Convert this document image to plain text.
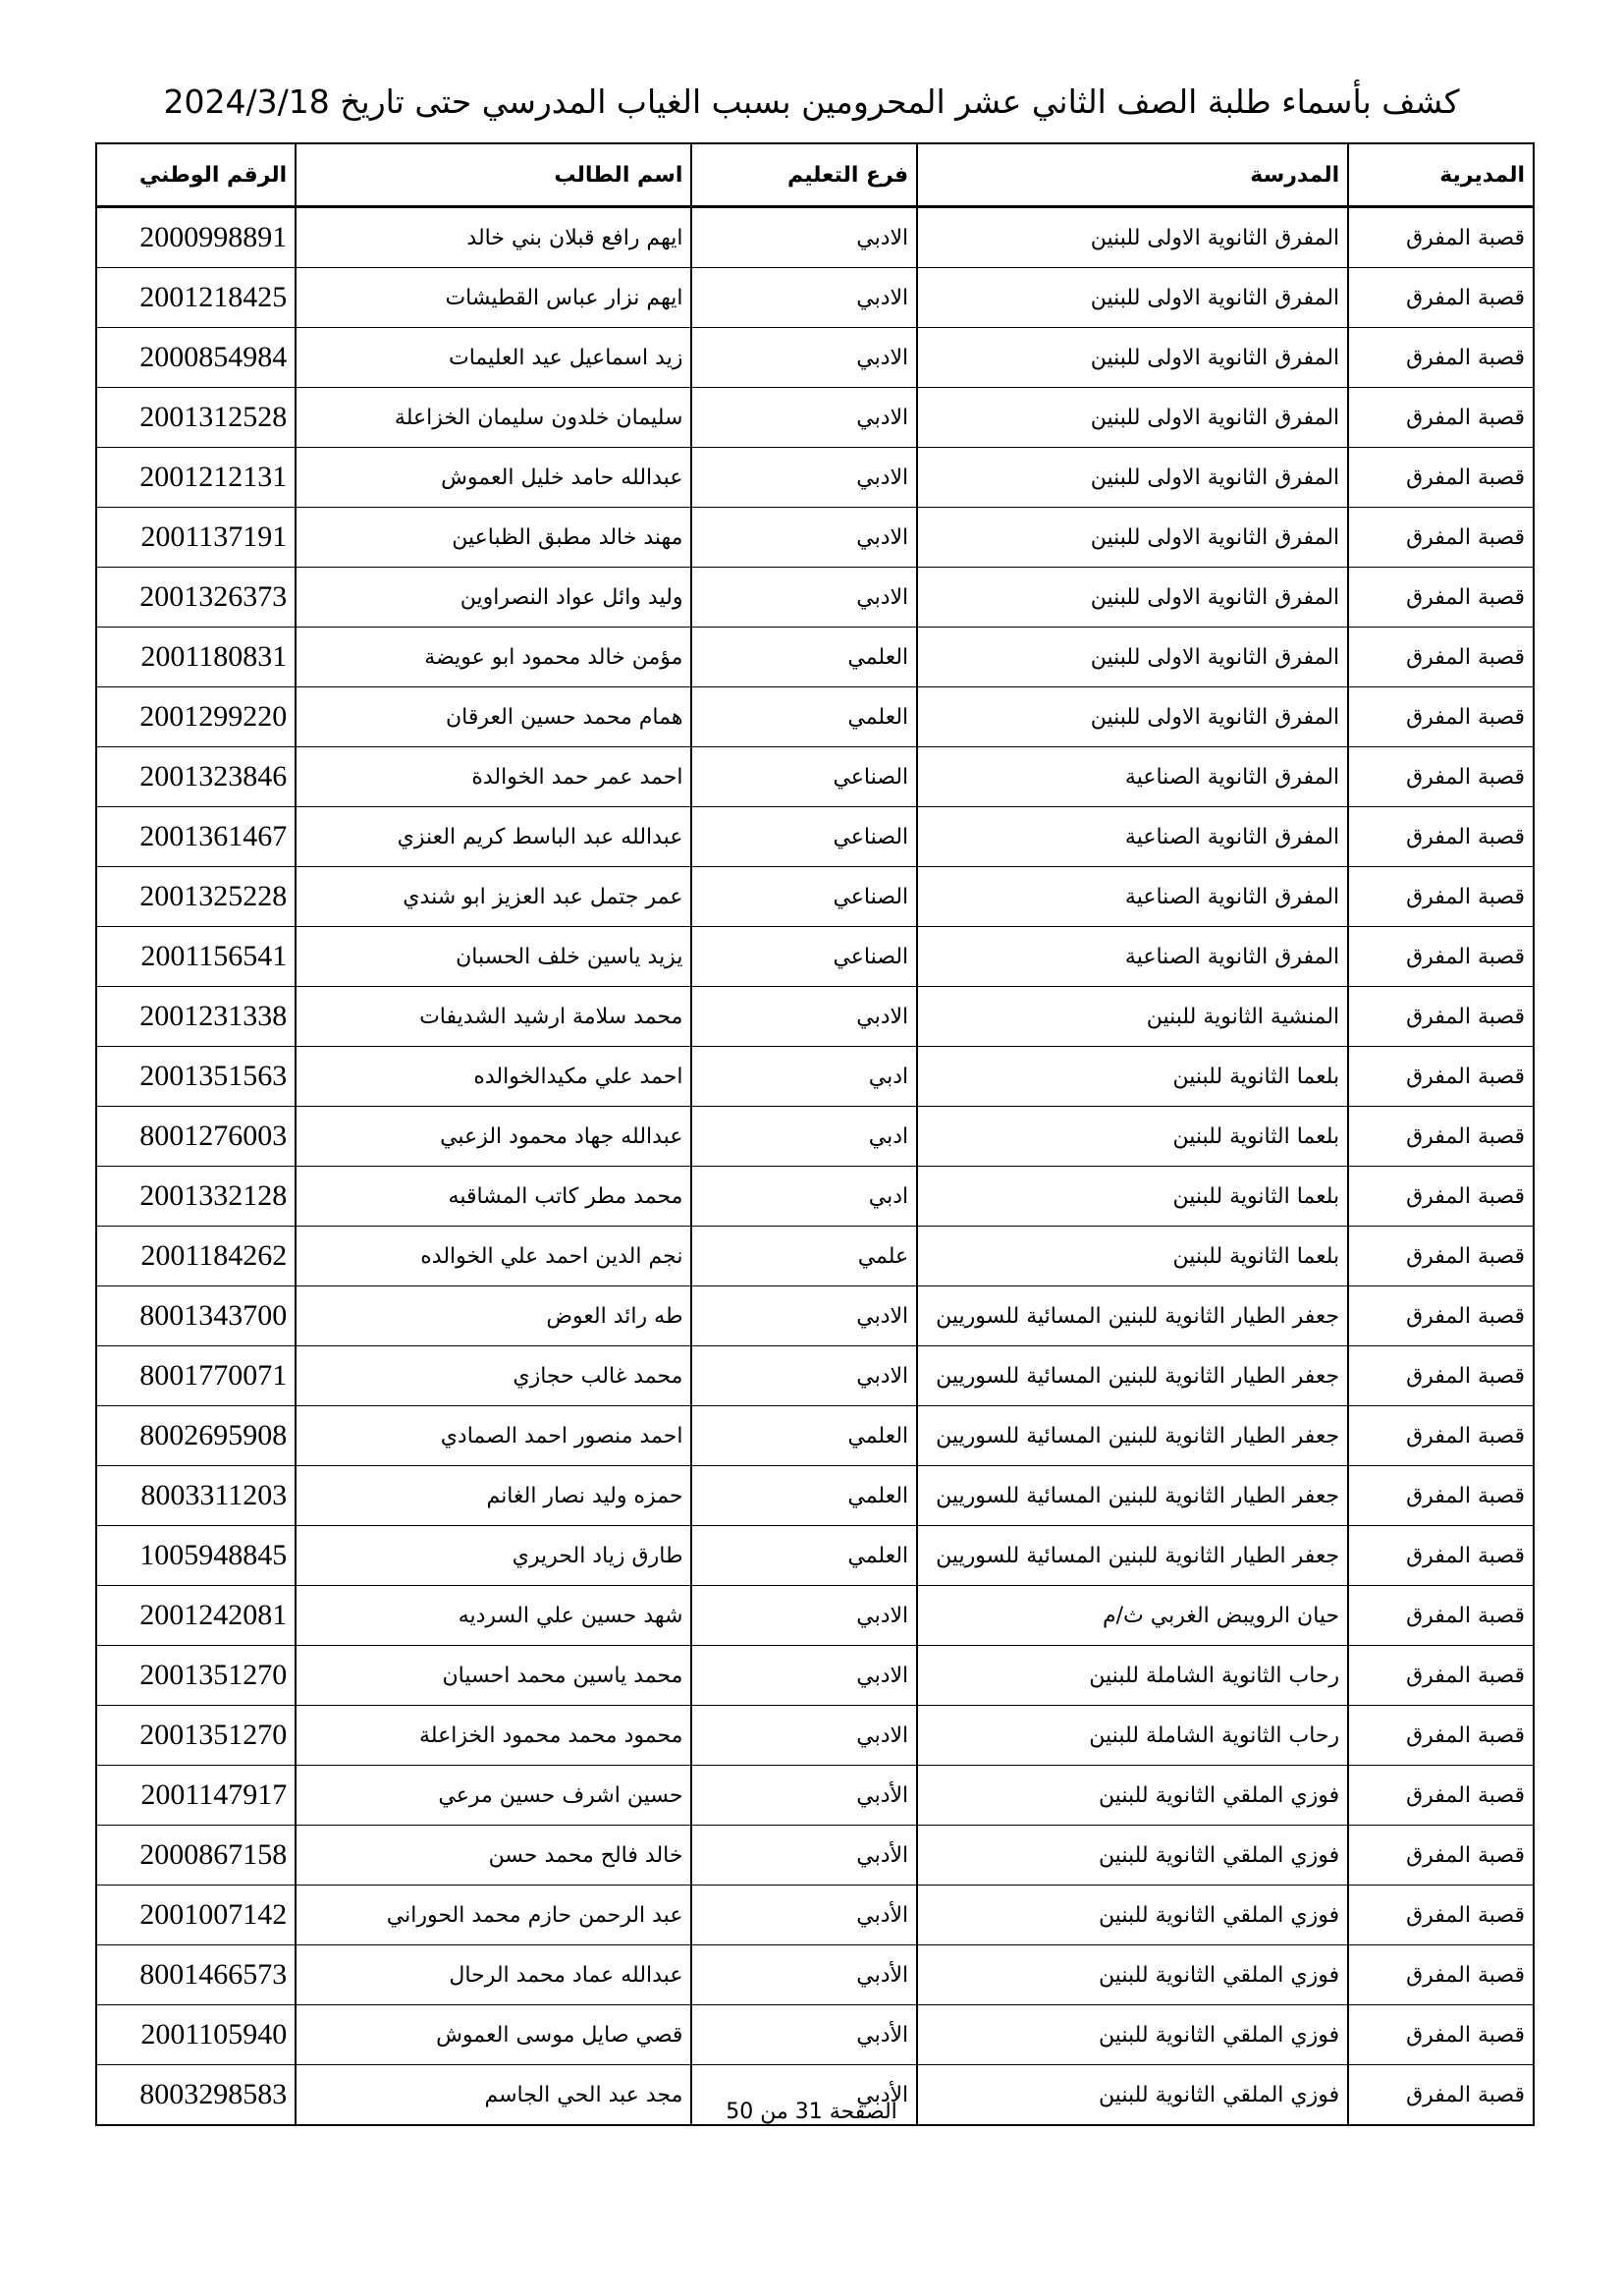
كشف بأسماء طلبة الصف الثاني عشر المحرومين بسبب الغياب المدرسي حتى تاريخ 2024/3/18
المديرية	المدرسة	فرع التعليم	اسم الطالب	الرقم الوطني
قصبة المفرق	المفرق الثانوية الاولى للبنين	الادبي	ايهم رافع قبلان بني خالد	2000998891
قصبة المفرق	المفرق الثانوية الاولى للبنين	الادبي	ايهم نزار عباس القطيشات	2001218425
قصبة المفرق	المفرق الثانوية الاولى للبنين	الادبي	زيد اسماعيل عيد العليمات	2000854984
قصبة المفرق	المفرق الثانوية الاولى للبنين	الادبي	سليمان خلدون سليمان الخزاعلة	2001312528
قصبة المفرق	المفرق الثانوية الاولى للبنين	الادبي	عبدالله حامد خليل العموش	2001212131
قصبة المفرق	المفرق الثانوية الاولى للبنين	الادبي	مهند خالد مطبق الظباعين	2001137191
قصبة المفرق	المفرق الثانوية الاولى للبنين	الادبي	وليد وائل عواد النصراوين	2001326373
قصبة المفرق	المفرق الثانوية الاولى للبنين	العلمي	مؤمن خالد محمود ابو عويضة	2001180831
قصبة المفرق	المفرق الثانوية الاولى للبنين	العلمي	همام محمد حسين العرقان	2001299220
قصبة المفرق	المفرق الثانوية الصناعية	الصناعي	احمد عمر حمد الخوالدة	2001323846
قصبة المفرق	المفرق الثانوية الصناعية	الصناعي	عبدالله عبد الباسط كريم العنزي	2001361467
قصبة المفرق	المفرق الثانوية الصناعية	الصناعي	عمر جتمل عبد العزيز ابو شندي	2001325228
قصبة المفرق	المفرق الثانوية الصناعية	الصناعي	يزيد ياسين خلف الحسبان	2001156541
قصبة المفرق	المنشية الثانوية للبنين	الادبي	محمد سلامة ارشيد الشديفات	2001231338
قصبة المفرق	بلعما الثانوية للبنين	ادبي	احمد علي مكيدالخوالده	2001351563
قصبة المفرق	بلعما الثانوية للبنين	ادبي	عبدالله جهاد محمود الزعبي	8001276003
قصبة المفرق	بلعما الثانوية للبنين	ادبي	محمد مطر كاتب المشاقبه	2001332128
قصبة المفرق	بلعما الثانوية للبنين	علمي	نجم الدين احمد علي الخوالده	2001184262
قصبة المفرق	جعفر الطيار الثانوية للبنين المسائية للسوريين	الادبي	طه رائد العوض	8001343700
قصبة المفرق	جعفر الطيار الثانوية للبنين المسائية للسوريين	الادبي	محمد غالب حجازي	8001770071
قصبة المفرق	جعفر الطيار الثانوية للبنين المسائية للسوريين	العلمي	احمد منصور احمد الصمادي	8002695908
قصبة المفرق	جعفر الطيار الثانوية للبنين المسائية للسوريين	العلمي	حمزه وليد نصار الغانم	8003311203
قصبة المفرق	جعفر الطيار الثانوية للبنين المسائية للسوريين	العلمي	طارق زياد الحريري	1005948845
قصبة المفرق	حيان الرويبض الغربي ث/م	الادبي	شهد حسين علي السرديه	2001242081
قصبة المفرق	رحاب الثانوية الشاملة للبنين	الادبي	محمد ياسين محمد احسيان	2001351270
قصبة المفرق	رحاب الثانوية الشاملة للبنين	الادبي	محمود محمد محمود الخزاعلة	2001351270
قصبة المفرق	فوزي الملقي الثانوية للبنين	الأدبي	حسين اشرف حسين مرعي	2001147917
قصبة المفرق	فوزي الملقي الثانوية للبنين	الأدبي	خالد فالح محمد حسن	2000867158
قصبة المفرق	فوزي الملقي الثانوية للبنين	الأدبي	عبد الرحمن حازم محمد الحوراني	2001007142
قصبة المفرق	فوزي الملقي الثانوية للبنين	الأدبي	عبدالله عماد محمد الرحال	8001466573
قصبة المفرق	فوزي الملقي الثانوية للبنين	الأدبي	قصي صايل موسى العموش	2001105940
قصبة المفرق	فوزي الملقي الثانوية للبنين	الأدبي	مجد عبد الحي الجاسم	8003298583
الصفحة 31 من 50
